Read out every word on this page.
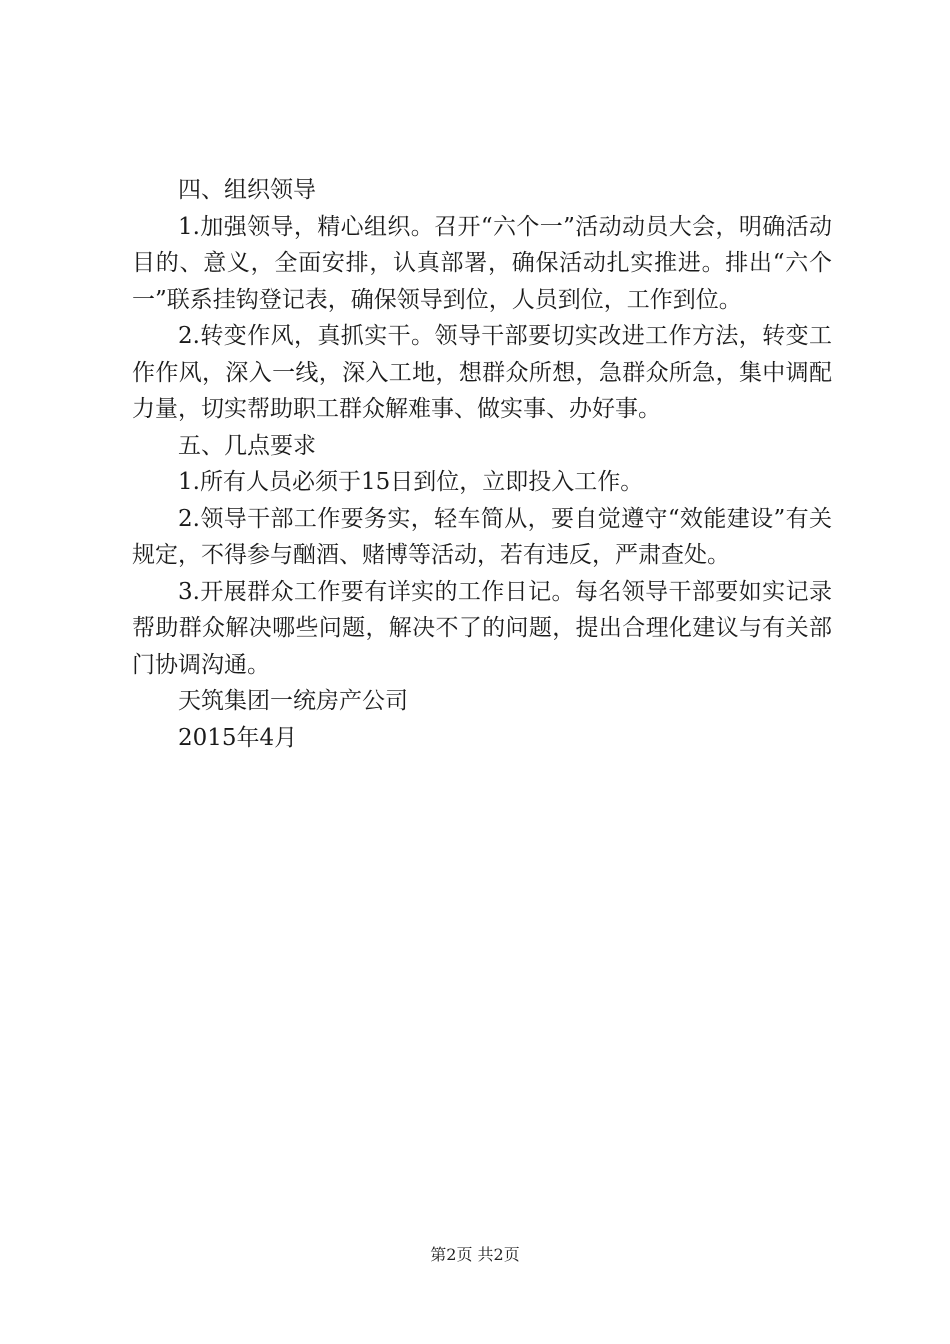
四、组织领导

1.加强领导，精心组织。召开“六个一”活动动员大会，明确活动目的、意义，全面安排，认真部署，确保活动扎实推进。排出“六个一”联系挂钩登记表，确保领导到位，人员到位，工作到位。

2.转变作风，真抓实干。领导干部要切实改进工作方法，转变工作作风，深入一线，深入工地，想群众所想，急群众所急，集中调配力量，切实帮助职工群众解难事、做实事、办好事。

五、几点要求

1.所有人员必须于15日到位，立即投入工作。

2.领导干部工作要务实，轻车简从，要自觉遵守“效能建设”有关规定，不得参与酗酒、赌博等活动，若有违反，严肃查处。

3.开展群众工作要有详实的工作日记。每名领导干部要如实记录帮助群众解决哪些问题，解决不了的问题，提出合理化建议与有关部门协调沟通。

天筑集团一统房产公司

2015年4月

第2页 共2页
